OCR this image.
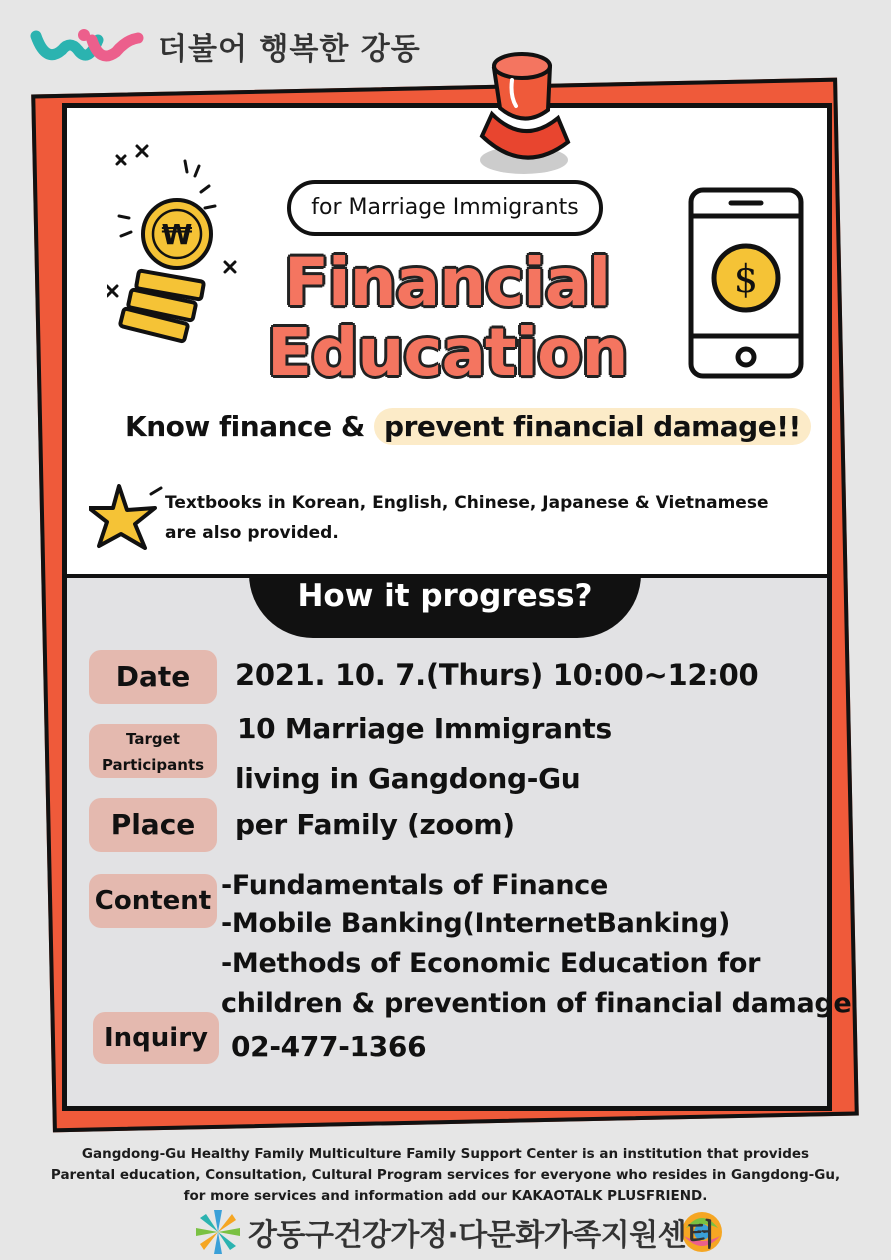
더불어 행복한 강동
₩
$
for Marriage Immigrants
Financial
Education
Know finance & prevent financial damage!!
Textbooks in Korean, English, Chinese, Japanese & Vietnamese
are also provided.
How it progress?
Date	2021. 10. 7.(Thurs) 10:00~12:00
Target
Participants
10 Marriage Immigrants
living in Gangdong-Gu
Place	per Family (zoom)
Content -Fundamentals of Finance
-Mobile Banking(InternetBanking)
-Methods of Economic Education for
children & prevention of financial damage
Inquiry 02-477-1366
Gangdong-Gu Healthy Family Multiculture Family Support Center is an institution that provides
Parental education, Consultation, Cultural Program services for everyone who resides in Gangdong-Gu,
for more services and information add our KAKAOTALK PLUSFRIEND.
강동구건강가정·다문화가족지원센터
